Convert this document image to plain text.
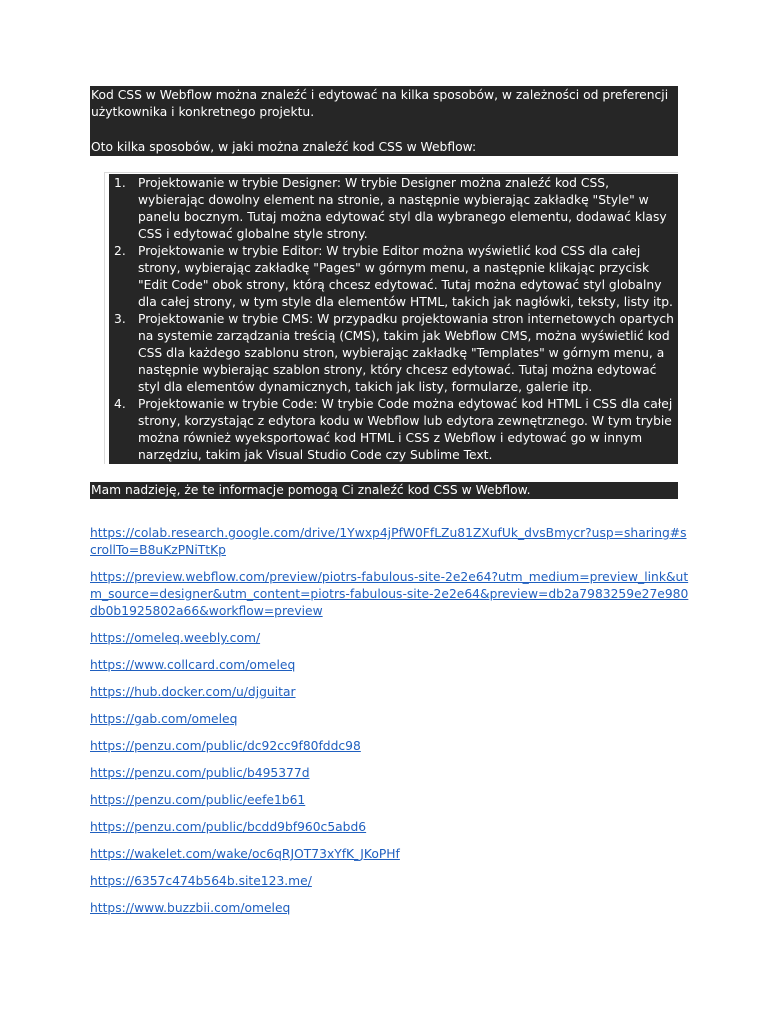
Kod CSS w Webflow można znaleźć i edytować na kilka sposobów, w zależności od preferencji użytkownika i konkretnego projektu.
Oto kilka sposobów, w jaki można znaleźć kod CSS w Webflow:
1. Projektowanie w trybie Designer: W trybie Designer można znaleźć kod CSS, wybierając dowolny element na stronie, a następnie wybierając zakładkę "Style" w panelu bocznym. Tutaj można edytować styl dla wybranego elementu, dodawać klasy CSS i edytować globalne style strony.
2. Projektowanie w trybie Editor: W trybie Editor można wyświetlić kod CSS dla całej strony, wybierając zakładkę "Pages" w górnym menu, a następnie klikając przycisk "Edit Code" obok strony, którą chcesz edytować. Tutaj można edytować styl globalny dla całej strony, w tym style dla elementów HTML, takich jak nagłówki, teksty, listy itp.
3. Projektowanie w trybie CMS: W przypadku projektowania stron internetowych opartych na systemie zarządzania treścią (CMS), takim jak Webflow CMS, można wyświetlić kod CSS dla każdego szablonu stron, wybierając zakładkę "Templates" w górnym menu, a następnie wybierając szablon strony, który chcesz edytować. Tutaj można edytować styl dla elementów dynamicznych, takich jak listy, formularze, galerie itp.
4. Projektowanie w trybie Code: W trybie Code można edytować kod HTML i CSS dla całej strony, korzystając z edytora kodu w Webflow lub edytora zewnętrznego. W tym trybie można również wyeksportować kod HTML i CSS z Webflow i edytować go w innym narzędziu, takim jak Visual Studio Code czy Sublime Text.
Mam nadzieję, że te informacje pomogą Ci znaleźć kod CSS w Webflow.
https://colab.research.google.com/drive/1Ywxp4jPfW0FfLZu81ZXufUk_dvsBmycr?usp=sharing#scrollTo=B8uKzPNiTtKp
https://preview.webflow.com/preview/piotrs-fabulous-site-2e2e64?utm_medium=preview_link&utm_source=designer&utm_content=piotrs-fabulous-site-2e2e64&preview=db2a7983259e27e980db0b1925802a66&workflow=preview
https://omeleq.weebly.com/
https://www.collcard.com/omeleq
https://hub.docker.com/u/djguitar
https://gab.com/omeleq
https://penzu.com/public/dc92cc9f80fddc98
https://penzu.com/public/b495377d
https://penzu.com/public/eefe1b61
https://penzu.com/public/bcdd9bf960c5abd6
https://wakelet.com/wake/oc6qRJOT73xYfK_JKoPHf
https://6357c474b564b.site123.me/
https://www.buzzbii.com/omeleq
